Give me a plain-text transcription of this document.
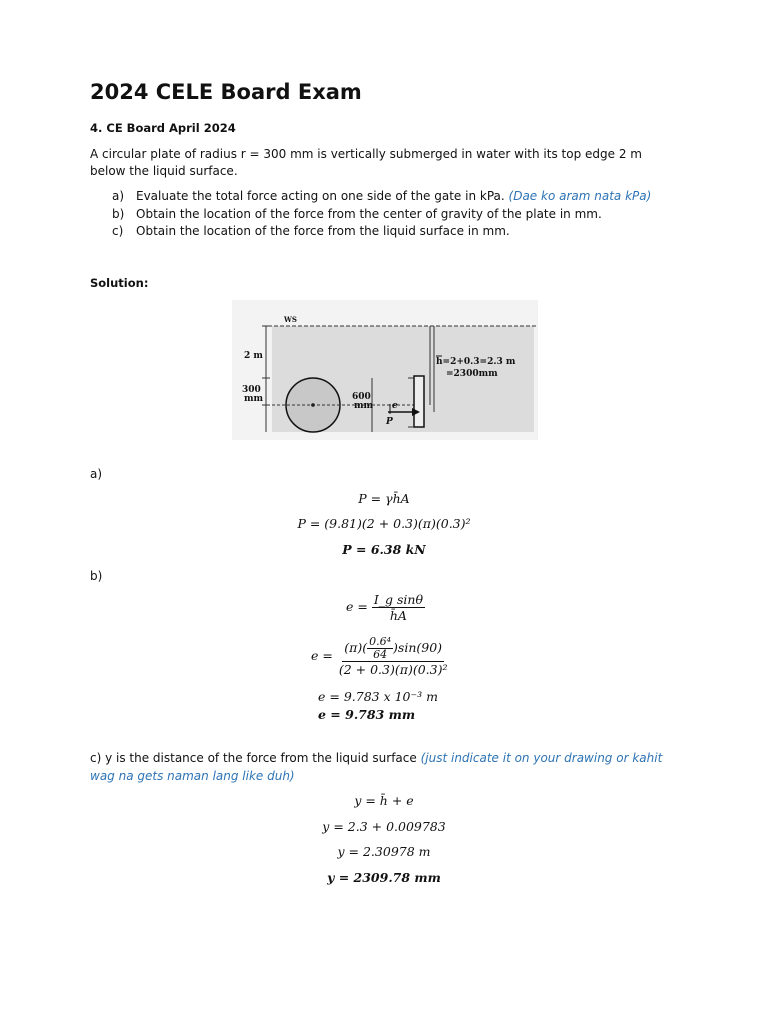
2024 CELE Board Exam
4. CE Board April 2024
A circular plate of radius r = 300 mm is vertically submerged in water with its top edge 2 m below the liquid surface.
a) Evaluate the total force acting on one side of the gate in kPa. (Dae ko aram nata kPa)
b) Obtain the location of the force from the center of gravity of the plate in mm.
c)	Obtain the location of the force from the liquid surface in mm.
Solution:
WS
2 m
300
mm	600
mm
h=2+0.3=2.3 m
=2300mm
e
P
a)
P = γh̄A
P = (9.81)(2 + 0.3)(π)(0.3)²
P = 6.38 kN
b)
$e = \frac{\text{I\_g sinθ}}{h̄A}$
$e = \frac{(\pi)( \frac{\text{0.6⁴}}{64} )\sin(90)}{\text{(2 + 0.3)(π)(0.3)²}}$
e = 9.783 x 10⁻³ m
e = 9.783 mm
c) y is the distance of the force from the liquid surface (just indicate it on your drawing or kahit wag na gets naman lang like duh)
y = h̄ + e
y = 2.3 + 0.009783
y = 2.30978 m
y = 2309.78 mm
